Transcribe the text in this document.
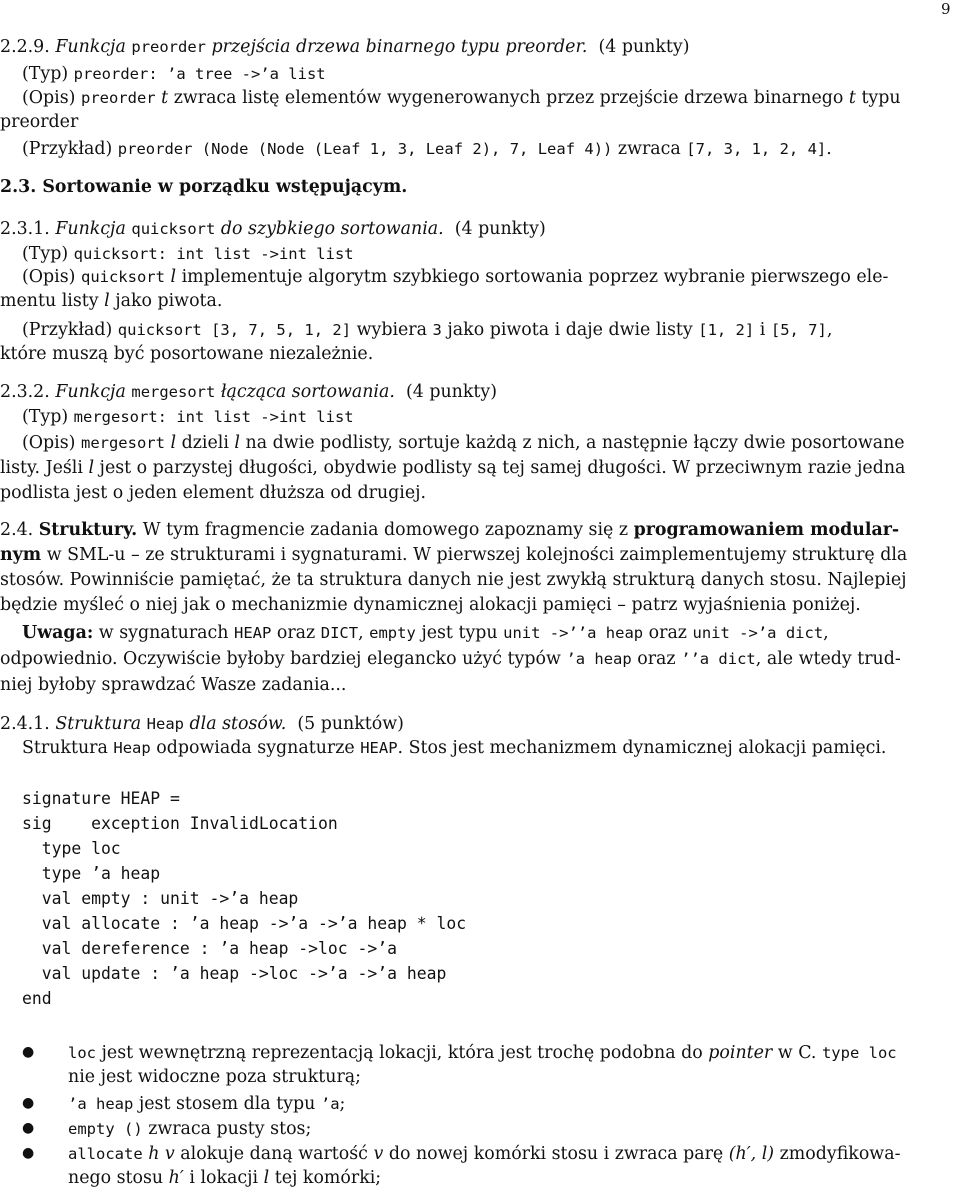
9
2.2.9. Funkcja preorder przejścia drzewa binarnego typu preorder. (4 punkty)
(Typ) preorder: ’a tree ->’a list
(Opis) preorder t zwraca listę elementów wygenerowanych przez przejście drzewa binarnego t typu
preorder
(Przykład) preorder (Node (Node (Leaf 1, 3, Leaf 2), 7, Leaf 4)) zwraca [7, 3, 1, 2, 4].
2.3. Sortowanie w porządku wstępującym.
2.3.1. Funkcja quicksort do szybkiego sortowania. (4 punkty)
(Typ) quicksort: int list ->int list
(Opis) quicksort l implementuje algorytm szybkiego sortowania poprzez wybranie pierwszego ele-
mentu listy l jako piwota.
(Przykład) quicksort [3, 7, 5, 1, 2] wybiera 3 jako piwota i daje dwie listy [1, 2] i [5, 7],
które muszą być posortowane niezależnie.
2.3.2. Funkcja mergesort łącząca sortowania. (4 punkty)
(Typ) mergesort: int list ->int list
(Opis) mergesort l dzieli l na dwie podlisty, sortuje każdą z nich, a następnie łączy dwie posortowane
listy. Jeśli l jest o parzystej długości, obydwie podlisty są tej samej długości. W przeciwnym razie jedna
podlista jest o jeden element dłuższa od drugiej.
2.4. Struktury. W tym fragmencie zadania domowego zapoznamy się z programowaniem modular-
nym w SML-u – ze strukturami i sygnaturami. W pierwszej kolejności zaimplementujemy strukturę dla
stosów. Powinniście pamiętać, że ta struktura danych nie jest zwykłą strukturą danych stosu. Najlepiej
będzie myśleć o niej jak o mechanizmie dynamicznej alokacji pamięci – patrz wyjaśnienia poniżej.
Uwaga: w sygnaturach HEAP oraz DICT, empty jest typu unit ->’’a heap oraz unit ->’a dict,
odpowiednio. Oczywiście byłoby bardziej elegancko użyć typów ’a heap oraz ’’a dict, ale wtedy trud-
niej byłoby sprawdzać Wasze zadania...
2.4.1. Struktura Heap dla stosów. (5 punktów)
Struktura Heap odpowiada sygnaturze HEAP. Stos jest mechanizmem dynamicznej alokacji pamięci.
signature HEAP =
sig    exception InvalidLocation
type loc
type ’a heap
val empty : unit ->’a heap
val allocate : ’a heap ->’a ->’a heap * loc
val dereference : ’a heap ->loc ->’a
val update : ’a heap ->loc ->’a ->’a heap
end
● loc jest wewnętrzną reprezentacją lokacji, która jest trochę podobna do pointer w C. type loc
nie jest widoczne poza strukturą;
● ’a heap jest stosem dla typu ’a;
● empty () zwraca pusty stos;
● allocate h v alokuje daną wartość v do nowej komórki stosu i zwraca parę (h′, l) zmodyfikowa-
nego stosu h′ i lokacji l tej komórki;
